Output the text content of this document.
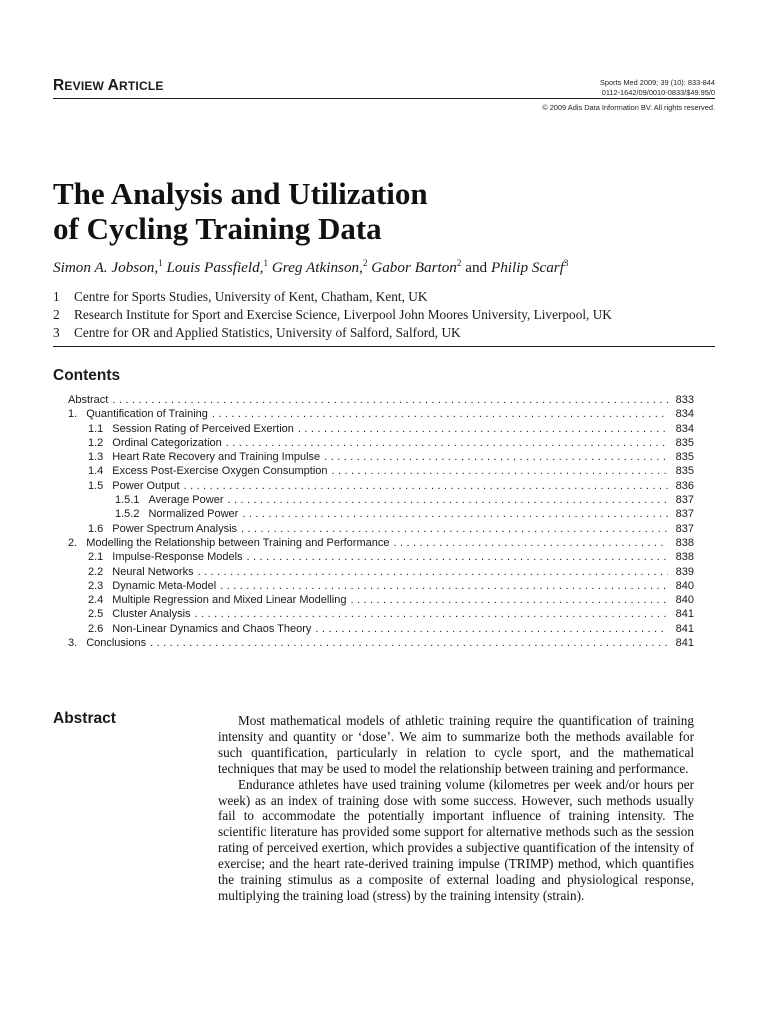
REVIEW ARTICLE	Sports Med 2009; 39 (10): 833-844
0112-1642/09/0010-0833/$49.95/0
© 2009 Adis Data Information BV. All rights reserved.
The Analysis and Utilization
of Cycling Training Data
Simon A. Jobson,$^1$ Louis Passfield,$^1$ Greg Atkinson,$^2$ Gabor Barton$^2$ and Philip Scarf$^3$
1	Centre for Sports Studies, University of Kent, Chatham, Kent, UK
2	Research Institute for Sport and Exercise Science, Liverpool John Moores University, Liverpool, UK
3	Centre for OR and Applied Statistics, University of Salford, Salford, UK
Contents
Abstract . . .	833
1. Quantification of Training . . .	834
1.1 Session Rating of Perceived Exertion . . .	834
1.2 Ordinal Categorization . . .	835
1.3 Heart Rate Recovery and Training Impulse . . .	835
1.4 Excess Post-Exercise Oxygen Consumption . . .	835
1.5 Power Output . . .	836
1.5.1 Average Power . . .	837
1.5.2 Normalized Power . . .	837
1.6 Power Spectrum Analysis . . .	837
2. Modelling the Relationship between Training and Performance . . .	838
2.1 Impulse-Response Models . . .	838
2.2 Neural Networks . . .	839
2.3 Dynamic Meta-Model . . .	840
2.4 Multiple Regression and Mixed Linear Modelling . . .	840
2.5 Cluster Analysis . . .	841
2.6 Non-Linear Dynamics and Chaos Theory . . .	841
3. Conclusions . . .	841
Abstract	Most mathematical models of athletic training require the quantification of training intensity and quantity or ‘dose’. We aim to summarize both the methods available for such quantification, particularly in relation to cycle sport, and the mathematical techniques that may be used to model the relationship between training and performance.

Endurance athletes have used training volume (kilometres per week and/or hours per week) as an index of training dose with some success. However, such methods usually fail to accommodate the potentially important influence of training intensity. The scientific literature has provided some support for alternative methods such as the session rating of perceived exertion, which provides a subjective quantification of the intensity of exercise; and the heart rate-derived training impulse (TRIMP) method, which quantifies the training stimulus as a composite of external loading and physiological response, multiplying the training load (stress) by the training intensity (strain).
